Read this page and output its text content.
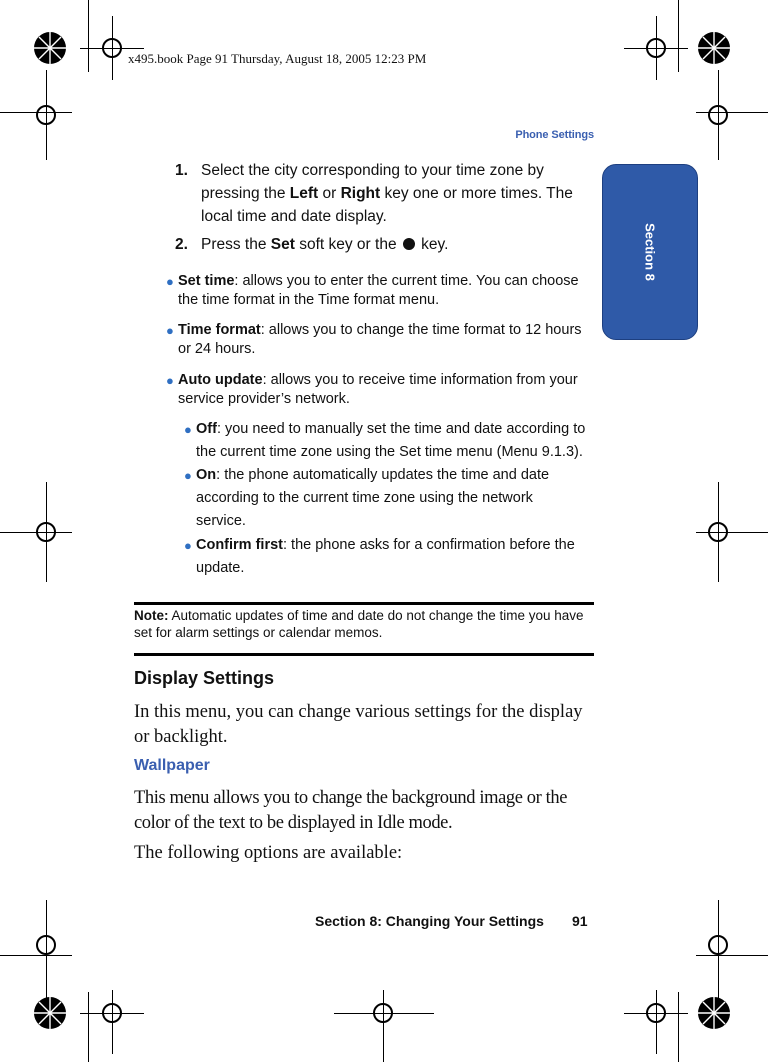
x495.book Page 91 Thursday, August 18, 2005 12:23 PM
Phone Settings
Section 8
1. Select the city corresponding to your time zone by pressing the Left or Right key one or more times. The local time and date display.
2. Press the Set soft key or the  key.
● Set time: allows you to enter the current time. You can choose the time format in the Time format menu.
● Time format: allows you to change the time format to 12 hours or 24 hours.
● Auto update: allows you to receive time information from your service provider’s network.
● Off: you need to manually set the time and date according to the current time zone using the Set time menu (Menu 9.1.3).
● On: the phone automatically updates the time and date according to the current time zone using the network service.
● Confirm first: the phone asks for a confirmation before the update.
Note: Automatic updates of time and date do not change the time you have set for alarm settings or calendar memos.
Display Settings
In this menu, you can change various settings for the display or backlight.
Wallpaper
This menu allows you to change the background image or the color of the text to be displayed in Idle mode.
The following options are available:
Section 8: Changing Your Settings 91
